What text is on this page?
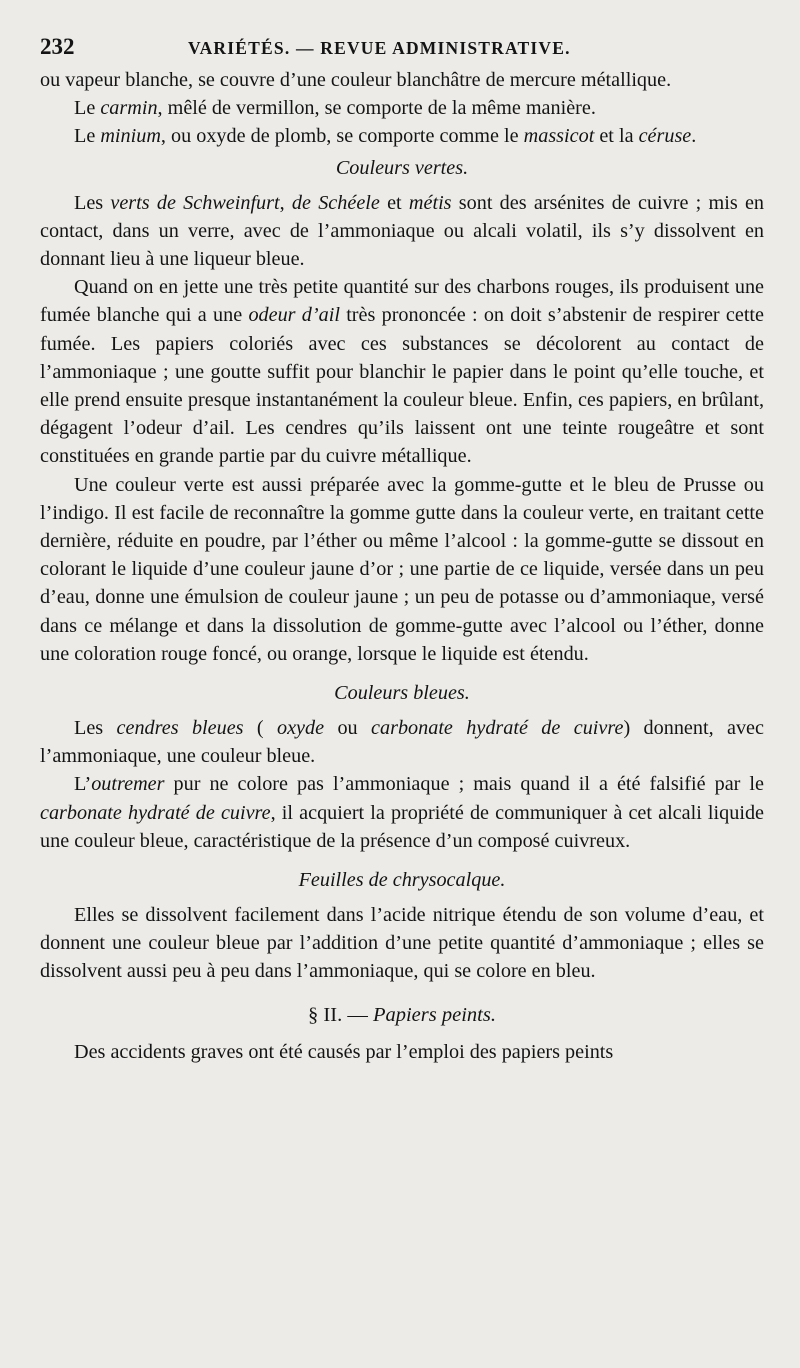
232	VARIÉTÉS. — REVUE ADMINISTRATIVE.

ou vapeur blanche, se couvre d’une couleur blanchâtre de mercure métallique.

Le carmin, mêlé de vermillon, se comporte de la même manière.

Le minium, ou oxyde de plomb, se comporte comme le massicot et la céruse.

Couleurs vertes.

Les verts de Schweinfurt, de Schéele et métis sont des arsénites de cuivre ; mis en contact, dans un verre, avec de l’ammoniaque ou alcali volatil, ils s’y dissolvent en donnant lieu à une liqueur bleue.

Quand on en jette une très petite quantité sur des charbons rouges, ils produisent une fumée blanche qui a une odeur d’ail très prononcée : on doit s’abstenir de respirer cette fumée. Les papiers coloriés avec ces substances se décolorent au contact de l’ammoniaque ; une goutte suffit pour blanchir le papier dans le point qu’elle touche, et elle prend ensuite presque instantanément la couleur bleue. Enfin, ces papiers, en brûlant, dégagent l’odeur d’ail. Les cendres qu’ils laissent ont une teinte rougeâtre et sont constituées en grande partie par du cuivre métallique.

Une couleur verte est aussi préparée avec la gomme-gutte et le bleu de Prusse ou l’indigo. Il est facile de reconnaître la gomme gutte dans la couleur verte, en traitant cette dernière, réduite en poudre, par l’éther ou même l’alcool : la gomme-gutte se dissout en colorant le liquide d’une couleur jaune d’or ; une partie de ce liquide, versée dans un peu d’eau, donne une émulsion de couleur jaune ; un peu de potasse ou d’ammoniaque, versé dans ce mélange et dans la dissolution de gomme-gutte avec l’alcool ou l’éther, donne une coloration rouge foncé, ou orange, lorsque le liquide est étendu.

Couleurs bleues.

Les cendres bleues ( oxyde ou carbonate hydraté de cuivre) donnent, avec l’ammoniaque, une couleur bleue.

L’outremer pur ne colore pas l’ammoniaque ; mais quand il a été falsifié par le carbonate hydraté de cuivre, il acquiert la propriété de communiquer à cet alcali liquide une couleur bleue, caractéristique de la présence d’un composé cuivreux.

Feuilles de chrysocalque.

Elles se dissolvent facilement dans l’acide nitrique étendu de son volume d’eau, et donnent une couleur bleue par l’addition d’une petite quantité d’ammoniaque ; elles se dissolvent aussi peu à peu dans l’ammoniaque, qui se colore en bleu.

§ II. — Papiers peints.

Des accidents graves ont été causés par l’emploi des papiers peints
